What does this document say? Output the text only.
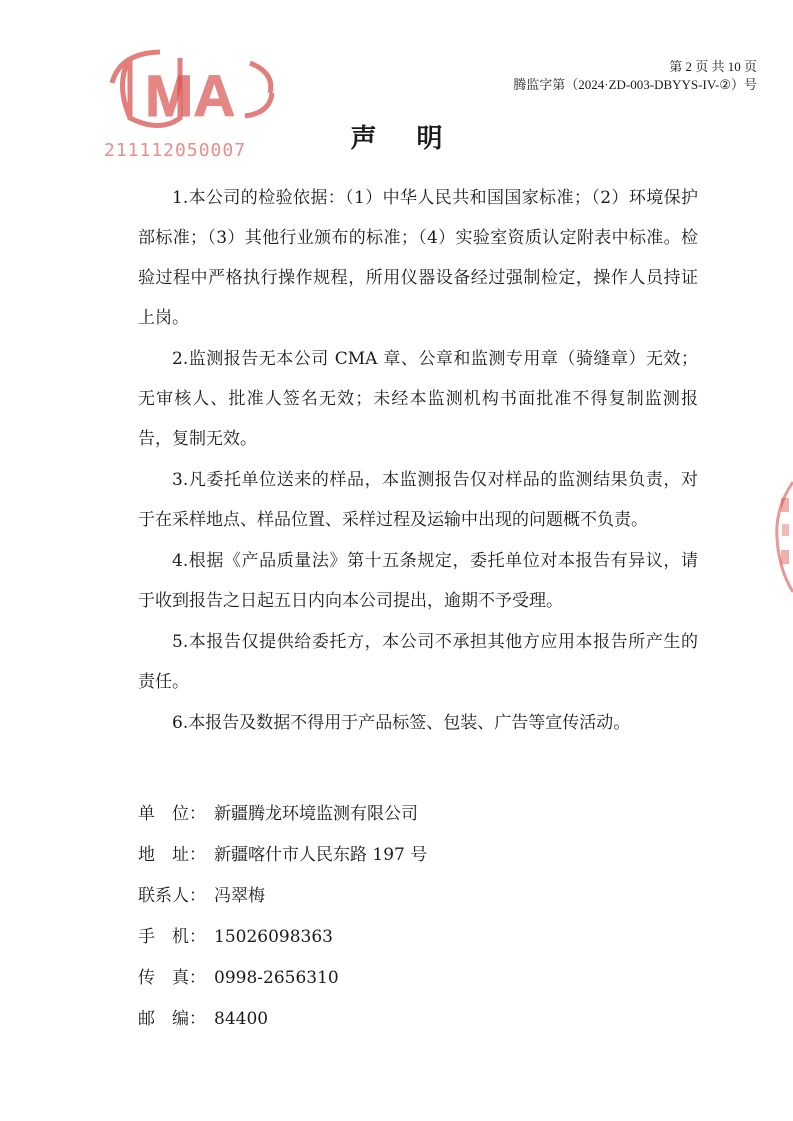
MA
211112050007
第 2 页 共 10 页
腾监字第（2024·ZD-003-DBYYS-IV-②）号
声明

1.本公司的检验依据：（1）中华人民共和国国家标准；（2）环境保护部标准；（3）其他行业颁布的标准；（4）实验室资质认定附表中标准。检验过程中严格执行操作规程，所用仪器设备经过强制检定，操作人员持证上岗。

2.监测报告无本公司 CMA 章、公章和监测专用章（骑缝章）无效；无审核人、批准人签名无效；未经本监测机构书面批准不得复制监测报告，复制无效。

3.凡委托单位送来的样品，本监测报告仅对样品的监测结果负责，对于在采样地点、样品位置、采样过程及运输中出现的问题概不负责。

4.根据《产品质量法》第十五条规定，委托单位对本报告有异议，请于收到报告之日起五日内向本公司提出，逾期不予受理。

5.本报告仅提供给委托方，本公司不承担其他方应用本报告所产生的责任。

6.本报告及数据不得用于产品标签、包装、广告等宣传活动。

单　位： 新疆腾龙环境监测有限公司
地　址： 新疆喀什市人民东路 197 号
联系人： 冯翠梅
手　机： 15026098363
传　真： 0998-2656310
邮　编： 84400
